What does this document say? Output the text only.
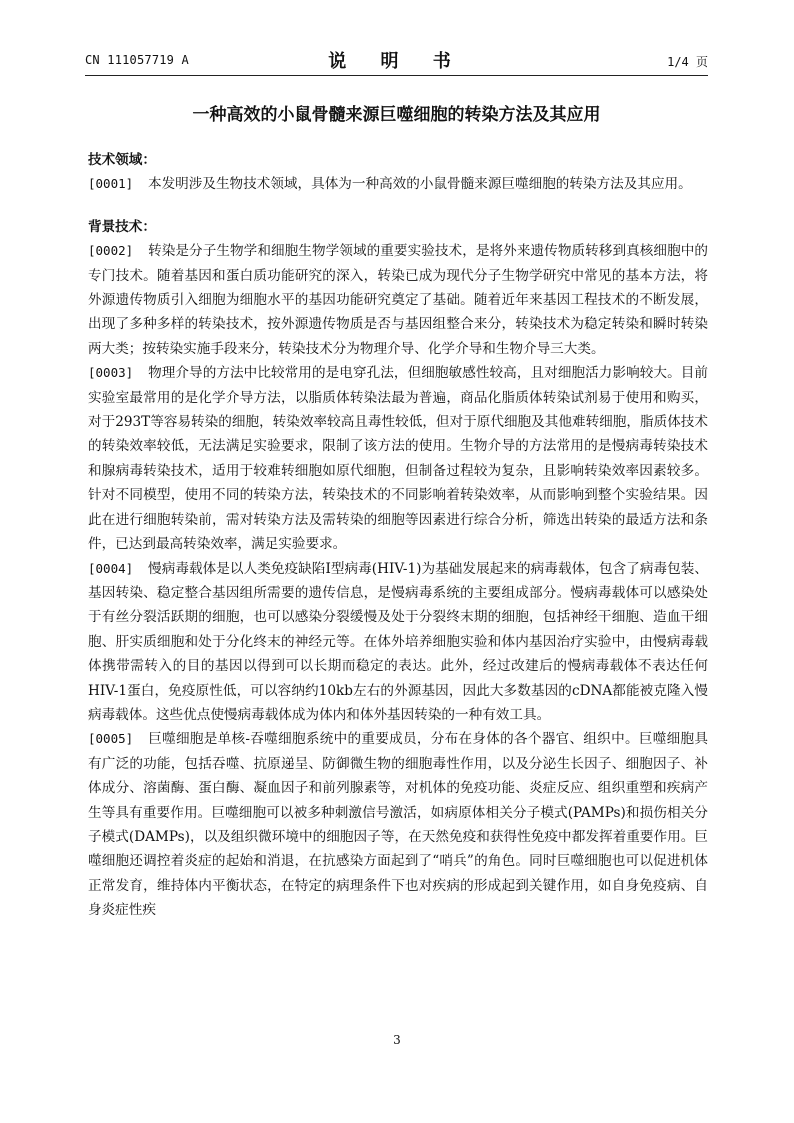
CN 111057719 A	说 明 书	1/4 页
一种高效的小鼠骨髓来源巨噬细胞的转染方法及其应用
技术领域：

[0001] 本发明涉及生物技术领域，具体为一种高效的小鼠骨髓来源巨噬细胞的转染方法及其应用。

背景技术：

[0002] 转染是分子生物学和细胞生物学领域的重要实验技术，是将外来遗传物质转移到真核细胞中的专门技术。随着基因和蛋白质功能研究的深入，转染已成为现代分子生物学研究中常见的基本方法，将外源遗传物质引入细胞为细胞水平的基因功能研究奠定了基础。随着近年来基因工程技术的不断发展，出现了多种多样的转染技术，按外源遗传物质是否与基因组整合来分，转染技术为稳定转染和瞬时转染两大类；按转染实施手段来分，转染技术分为物理介导、化学介导和生物介导三大类。

[0003] 物理介导的方法中比较常用的是电穿孔法，但细胞敏感性较高，且对细胞活力影响较大。目前实验室最常用的是化学介导方法，以脂质体转染法最为普遍，商品化脂质体转染试剂易于使用和购买，对于293T等容易转染的细胞，转染效率较高且毒性较低，但对于原代细胞及其他难转细胞，脂质体技术的转染效率较低，无法满足实验要求，限制了该方法的使用。生物介导的方法常用的是慢病毒转染技术和腺病毒转染技术，适用于较难转细胞如原代细胞，但制备过程较为复杂，且影响转染效率因素较多。针对不同模型，使用不同的转染方法，转染技术的不同影响着转染效率，从而影响到整个实验结果。因此在进行细胞转染前，需对转染方法及需转染的细胞等因素进行综合分析，筛选出转染的最适方法和条件，已达到最高转染效率，满足实验要求。

[0004] 慢病毒载体是以人类免疫缺陷I型病毒(HIV-1)为基础发展起来的病毒载体，包含了病毒包装、基因转染、稳定整合基因组所需要的遗传信息，是慢病毒系统的主要组成部分。慢病毒载体可以感染处于有丝分裂活跃期的细胞，也可以感染分裂缓慢及处于分裂终末期的细胞，包括神经干细胞、造血干细胞、肝实质细胞和处于分化终末的神经元等。在体外培养细胞实验和体内基因治疗实验中，由慢病毒载体携带需转入的目的基因以得到可以长期而稳定的表达。此外，经过改建后的慢病毒载体不表达任何HIV-1蛋白，免疫原性低，可以容纳约10kb左右的外源基因，因此大多数基因的cDNA都能被克隆入慢病毒载体。这些优点使慢病毒载体成为体内和体外基因转染的一种有效工具。

[0005] 巨噬细胞是单核-吞噬细胞系统中的重要成员，分布在身体的各个器官、组织中。巨噬细胞具有广泛的功能，包括吞噬、抗原递呈、防御微生物的细胞毒性作用，以及分泌生长因子、细胞因子、补体成分、溶菌酶、蛋白酶、凝血因子和前列腺素等，对机体的免疫功能、炎症反应、组织重塑和疾病产生等具有重要作用。巨噬细胞可以被多种刺激信号激活，如病原体相关分子模式(PAMPs)和损伤相关分子模式(DAMPs)，以及组织微环境中的细胞因子等，在天然免疫和获得性免疫中都发挥着重要作用。巨噬细胞还调控着炎症的起始和消退，在抗感染方面起到了“哨兵”的角色。同时巨噬细胞也可以促进机体正常发育，维持体内平衡状态，在特定的病理条件下也对疾病的形成起到关键作用，如自身免疫病、自身炎症性疾

3
